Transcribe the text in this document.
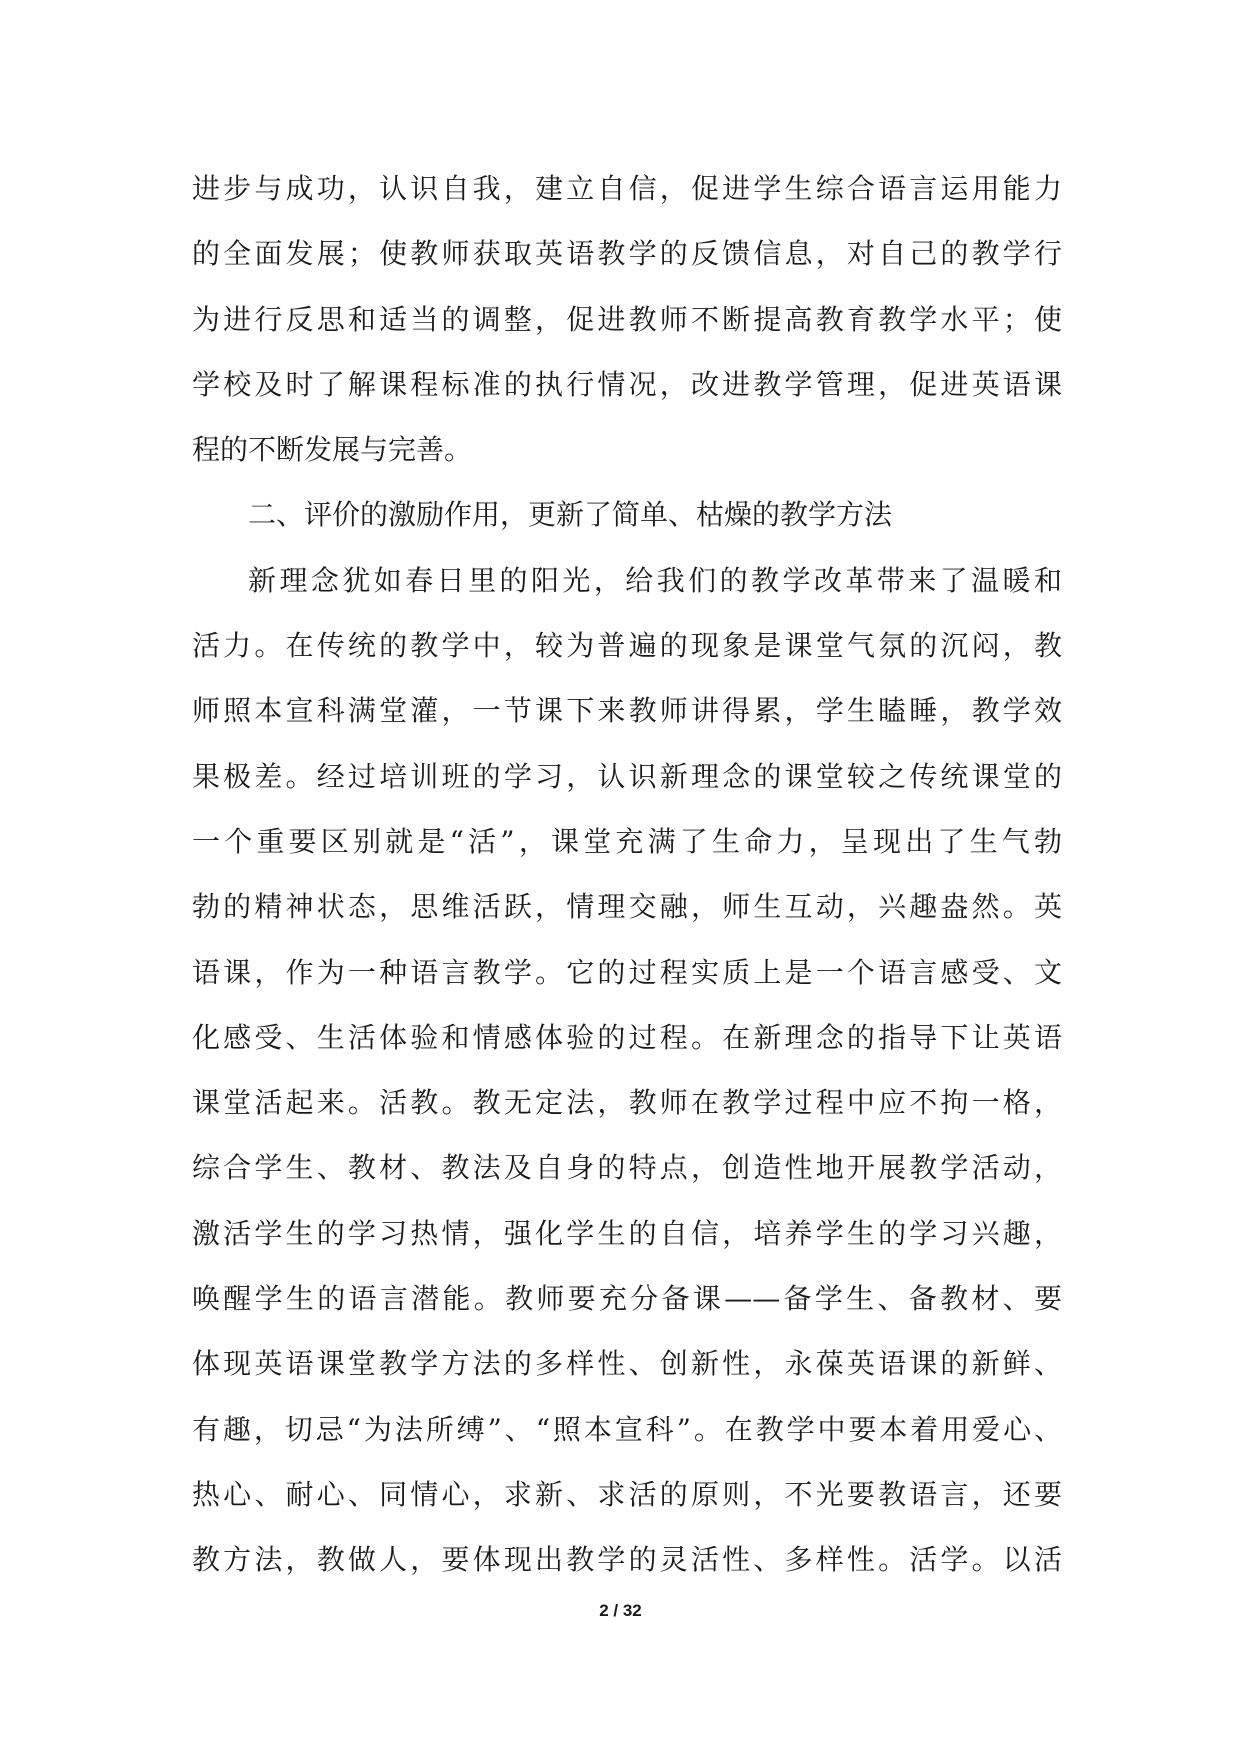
进步与成功，认识自我，建立自信，促进学生综合语言运用能力
的全面发展；使教师获取英语教学的反馈信息，对自己的教学行
为进行反思和适当的调整，促进教师不断提高教育教学水平；使
学校及时了解课程标准的执行情况，改进教学管理，促进英语课
程的不断发展与完善。
二、评价的激励作用，更新了简单、枯燥的教学方法
新理念犹如春日里的阳光，给我们的教学改革带来了温暖和
活力。在传统的教学中，较为普遍的现象是课堂气氛的沉闷，教
师照本宣科满堂灌，一节课下来教师讲得累，学生瞌睡，教学效
果极差。经过培训班的学习，认识新理念的课堂较之传统课堂的
一个重要区别就是“活”，课堂充满了生命力，呈现出了生气勃
勃的精神状态，思维活跃，情理交融，师生互动，兴趣盎然。英
语课，作为一种语言教学。它的过程实质上是一个语言感受、文
化感受、生活体验和情感体验的过程。在新理念的指导下让英语
课堂活起来。活教。教无定法，教师在教学过程中应不拘一格，
综合学生、教材、教法及自身的特点，创造性地开展教学活动，
激活学生的学习热情，强化学生的自信，培养学生的学习兴趣，
唤醒学生的语言潜能。教师要充分备课——备学生、备教材、要
体现英语课堂教学方法的多样性、创新性，永葆英语课的新鲜、
有趣，切忌“为法所缚”、“照本宣科”。在教学中要本着用爱心、
热心、耐心、同情心，求新、求活的原则，不光要教语言，还要
教方法，教做人，要体现出教学的灵活性、多样性。活学。以活
2 / 32
